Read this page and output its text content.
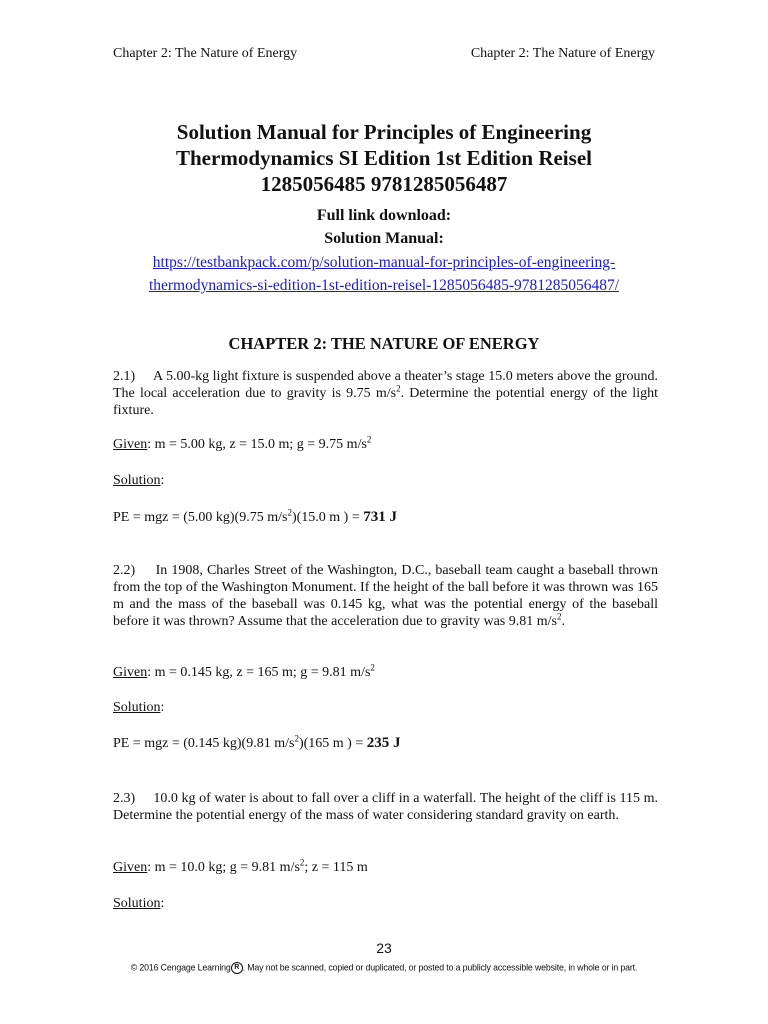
Chapter 2: The Nature of Energy	Chapter 2: The Nature of Energy
Solution Manual for Principles of Engineering
Thermodynamics SI Edition 1st Edition Reisel
1285056485 9781285056487
Full link download:
Solution Manual:
https://testbankpack.com/p/solution-manual-for-principles-of-engineering-
thermodynamics-si-edition-1st-edition-reisel-1285056485-9781285056487/
CHAPTER 2: THE NATURE OF ENERGY
2.1) A 5.00-kg light fixture is suspended above a theater’s stage 15.0 meters above the ground. The local acceleration due to gravity is 9.75 $m/s^2$. Determine the potential energy of the light fixture.
Given: m = 5.00 kg, z = 15.0 m; g = 9.75 $m/s^2$
Solution:
PE = mgz = (5.00 kg)(9.75 $m/s^2)(15.0$ m ) = 731 J
2.2) In 1908, Charles Street of the Washington, D.C., baseball team caught a baseball thrown from the top of the Washington Monument. If the height of the ball before it was thrown was 165 m and the mass of the baseball was 0.145 kg, what was the potential energy of the baseball before it was thrown? Assume that the acceleration due to gravity was 9.81 $m/s^2$.
Given: m = 0.145 kg, z = 165 m; g = 9.81 $m/s^2$
Solution:
PE = mgz = (0.145 kg)(9.81 $m/s^2)(165$ m ) = 235 J
2.3) 10.0 kg of water is about to fall over a cliff in a waterfall. The height of the cliff is 115 m. Determine the potential energy of the mass of water considering standard gravity on earth.
Given: m = 10.0 kg; g = 9.81 $m/s^2$; z = 115 m
Solution:
23
© 2016 Cengage Learning R . May not be scanned, copied or duplicated, or posted to a publicly accessible website, in whole or in part.
